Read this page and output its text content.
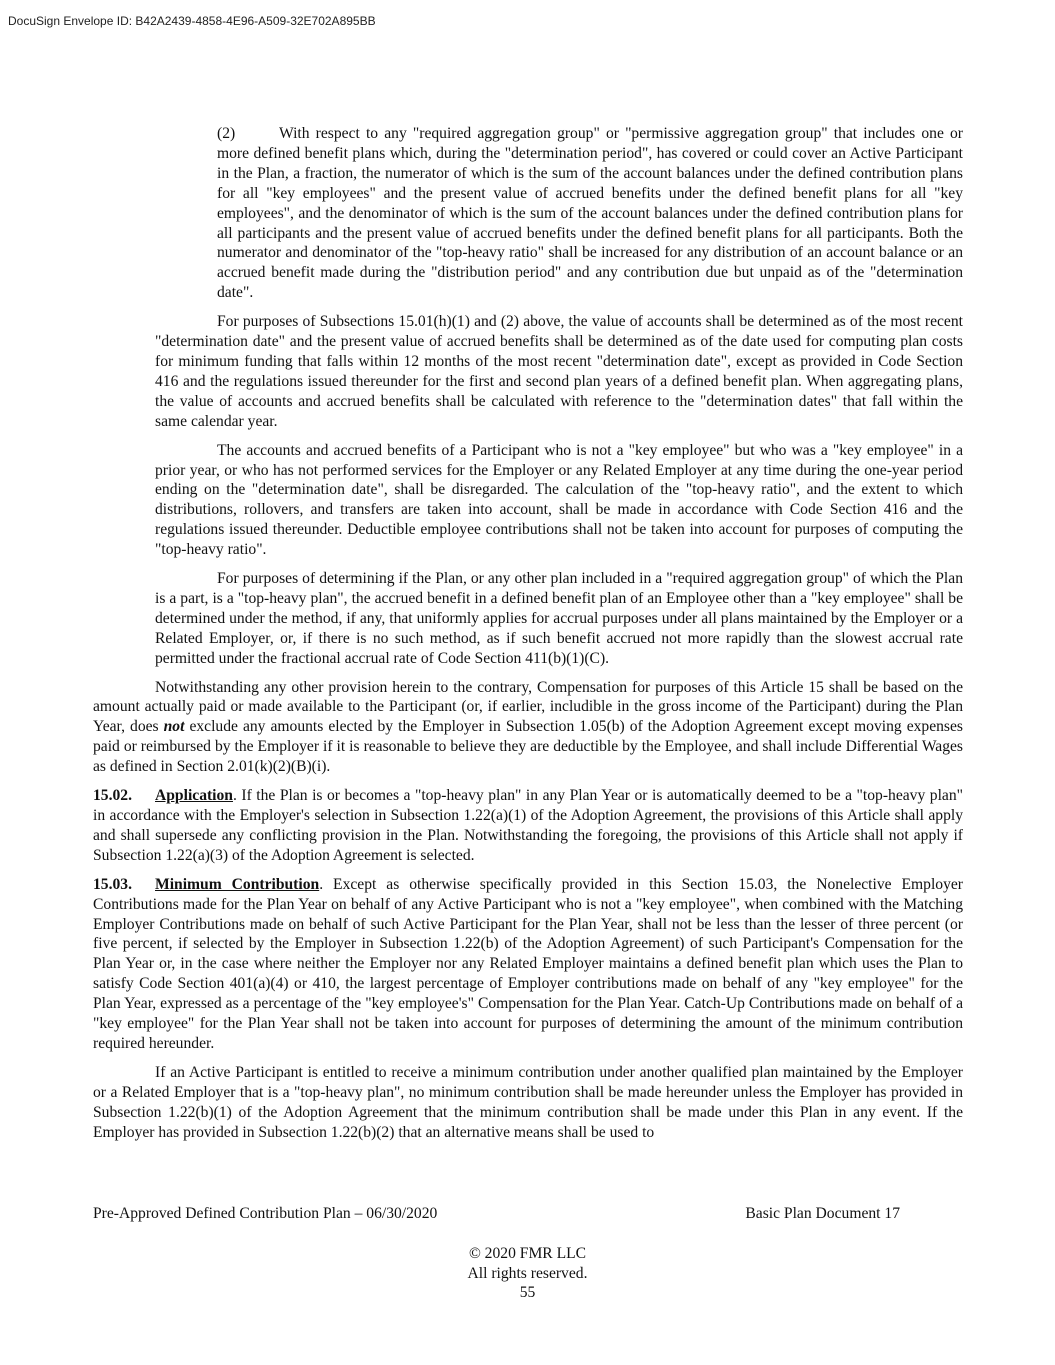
DocuSign Envelope ID: B42A2439-4858-4E96-A509-32E702A895BB

(2)	With respect to any "required aggregation group" or "permissive aggregation group" that includes one or more defined benefit plans which, during the "determination period", has covered or could cover an Active Participant in the Plan, a fraction, the numerator of which is the sum of the account balances under the defined contribution plans for all "key employees" and the present value of accrued benefits under the defined benefit plans for all "key employees", and the denominator of which is the sum of the account balances under the defined contribution plans for all participants and the present value of accrued benefits under the defined benefit plans for all participants. Both the numerator and denominator of the "top-heavy ratio" shall be increased for any distribution of an account balance or an accrued benefit made during the "distribution period" and any contribution due but unpaid as of the "determination date".

For purposes of Subsections 15.01(h)(1) and (2) above, the value of accounts shall be determined as of the most recent "determination date" and the present value of accrued benefits shall be determined as of the date used for computing plan costs for minimum funding that falls within 12 months of the most recent "determination date", except as provided in Code Section 416 and the regulations issued thereunder for the first and second plan years of a defined benefit plan. When aggregating plans, the value of accounts and accrued benefits shall be calculated with reference to the "determination dates" that fall within the same calendar year.

The accounts and accrued benefits of a Participant who is not a "key employee" but who was a "key employee" in a prior year, or who has not performed services for the Employer or any Related Employer at any time during the one-year period ending on the "determination date", shall be disregarded. The calculation of the "top-heavy ratio", and the extent to which distributions, rollovers, and transfers are taken into account, shall be made in accordance with Code Section 416 and the regulations issued thereunder. Deductible employee contributions shall not be taken into account for purposes of computing the "top-heavy ratio".

For purposes of determining if the Plan, or any other plan included in a "required aggregation group" of which the Plan is a part, is a "top-heavy plan", the accrued benefit in a defined benefit plan of an Employee other than a "key employee" shall be determined under the method, if any, that uniformly applies for accrual purposes under all plans maintained by the Employer or a Related Employer, or, if there is no such method, as if such benefit accrued not more rapidly than the slowest accrual rate permitted under the fractional accrual rate of Code Section 411(b)(1)(C).

Notwithstanding any other provision herein to the contrary, Compensation for purposes of this Article 15 shall be based on the amount actually paid or made available to the Participant (or, if earlier, includible in the gross income of the Participant) during the Plan Year, does not exclude any amounts elected by the Employer in Subsection 1.05(b) of the Adoption Agreement except moving expenses paid or reimbursed by the Employer if it is reasonable to believe they are deductible by the Employee, and shall include Differential Wages as defined in Section 2.01(k)(2)(B)(i).

15.02. Application. If the Plan is or becomes a "top-heavy plan" in any Plan Year or is automatically deemed to be a "top-heavy plan" in accordance with the Employer's selection in Subsection 1.22(a)(1) of the Adoption Agreement, the provisions of this Article shall apply and shall supersede any conflicting provision in the Plan. Notwithstanding the foregoing, the provisions of this Article shall not apply if Subsection 1.22(a)(3) of the Adoption Agreement is selected.

15.03. Minimum Contribution. Except as otherwise specifically provided in this Section 15.03, the Nonelective Employer Contributions made for the Plan Year on behalf of any Active Participant who is not a "key employee", when combined with the Matching Employer Contributions made on behalf of such Active Participant for the Plan Year, shall not be less than the lesser of three percent (or five percent, if selected by the Employer in Subsection 1.22(b) of the Adoption Agreement) of such Participant's Compensation for the Plan Year or, in the case where neither the Employer nor any Related Employer maintains a defined benefit plan which uses the Plan to satisfy Code Section 401(a)(4) or 410, the largest percentage of Employer contributions made on behalf of any "key employee" for the Plan Year, expressed as a percentage of the "key employee's" Compensation for the Plan Year. Catch-Up Contributions made on behalf of a "key employee" for the Plan Year shall not be taken into account for purposes of determining the amount of the minimum contribution required hereunder.

If an Active Participant is entitled to receive a minimum contribution under another qualified plan maintained by the Employer or a Related Employer that is a "top-heavy plan", no minimum contribution shall be made hereunder unless the Employer has provided in Subsection 1.22(b)(1) of the Adoption Agreement that the minimum contribution shall be made under this Plan in any event. If the Employer has provided in Subsection 1.22(b)(2) that an alternative means shall be used to

Pre-Approved Defined Contribution Plan – 06/30/2020	Basic Plan Document 17
© 2020 FMR LLC
All rights reserved.
55
